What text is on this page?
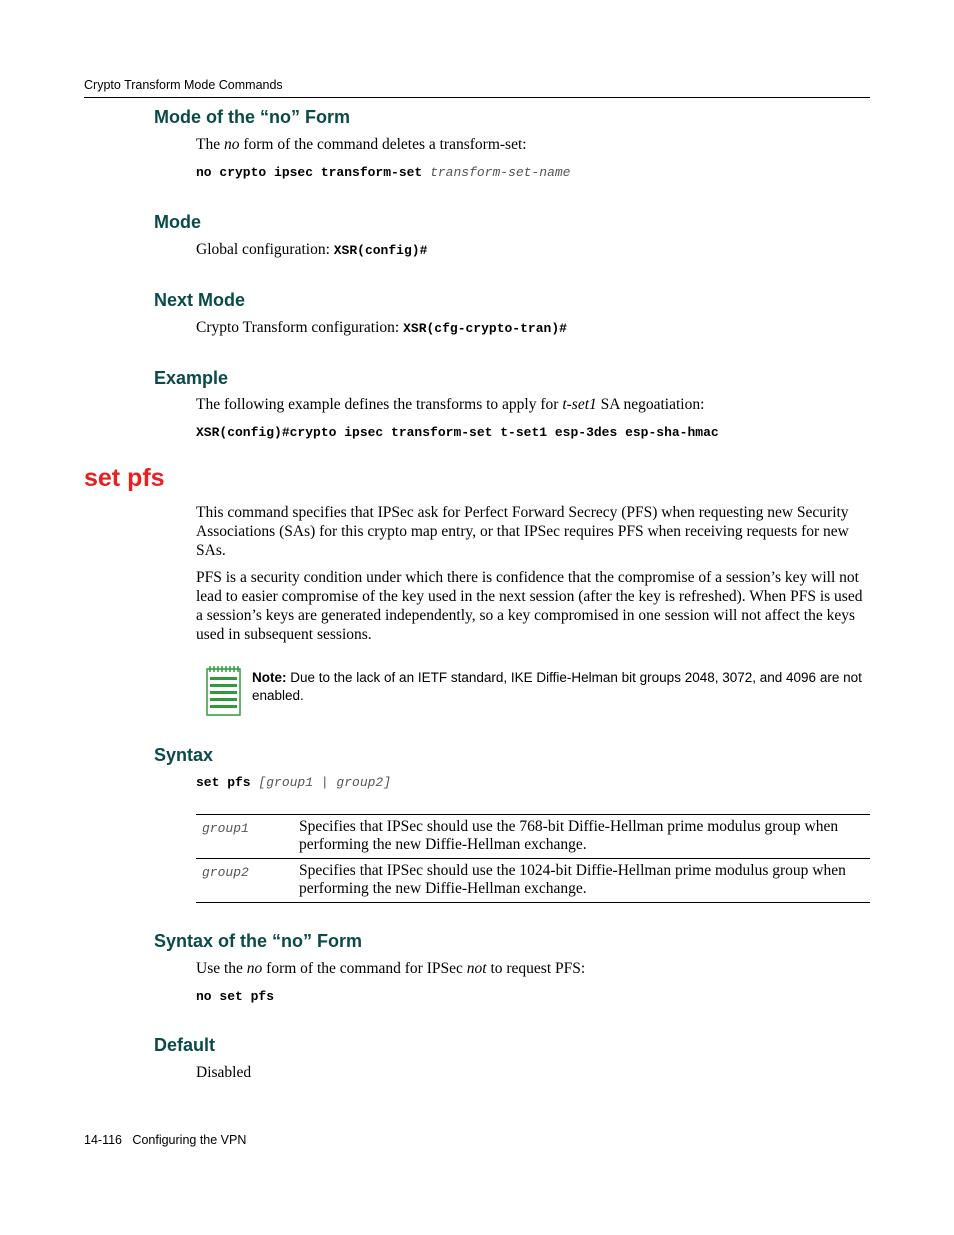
Crypto Transform Mode Commands
Mode of the “no” Form
The no form of the command deletes a transform-set:
no crypto ipsec transform-set transform-set-name
Mode
Global configuration: XSR(config)#
Next Mode
Crypto Transform configuration: XSR(cfg-crypto-tran)#
Example
The following example defines the transforms to apply for t-set1 SA negoatiation:
XSR(config)#crypto ipsec transform-set t-set1 esp-3des esp-sha-hmac
set pfs
This command specifies that IPSec ask for Perfect Forward Secrecy (PFS) when requesting new Security Associations (SAs) for this crypto map entry, or that IPSec requires PFS when receiving requests for new SAs.
PFS is a security condition under which there is confidence that the compromise of a session’s key will not lead to easier compromise of the key used in the next session (after the key is refreshed). When PFS is used a session’s keys are generated independently, so a key compromised in one session will not affect the keys used in subsequent sessions.
Note: Due to the lack of an IETF standard, IKE Diffie-Helman bit groups 2048, 3072, and 4096 are not enabled.
Syntax
set pfs [group1 | group2]
group1	Specifies that IPSec should use the 768-bit Diffie-Hellman prime modulus group when performing the new Diffie-Hellman exchange.
group2	Specifies that IPSec should use the 1024-bit Diffie-Hellman prime modulus group when performing the new Diffie-Hellman exchange.
Syntax of the “no” Form
Use the no form of the command for IPSec not to request PFS:
no set pfs
Default
Disabled
14-116   Configuring the VPN
